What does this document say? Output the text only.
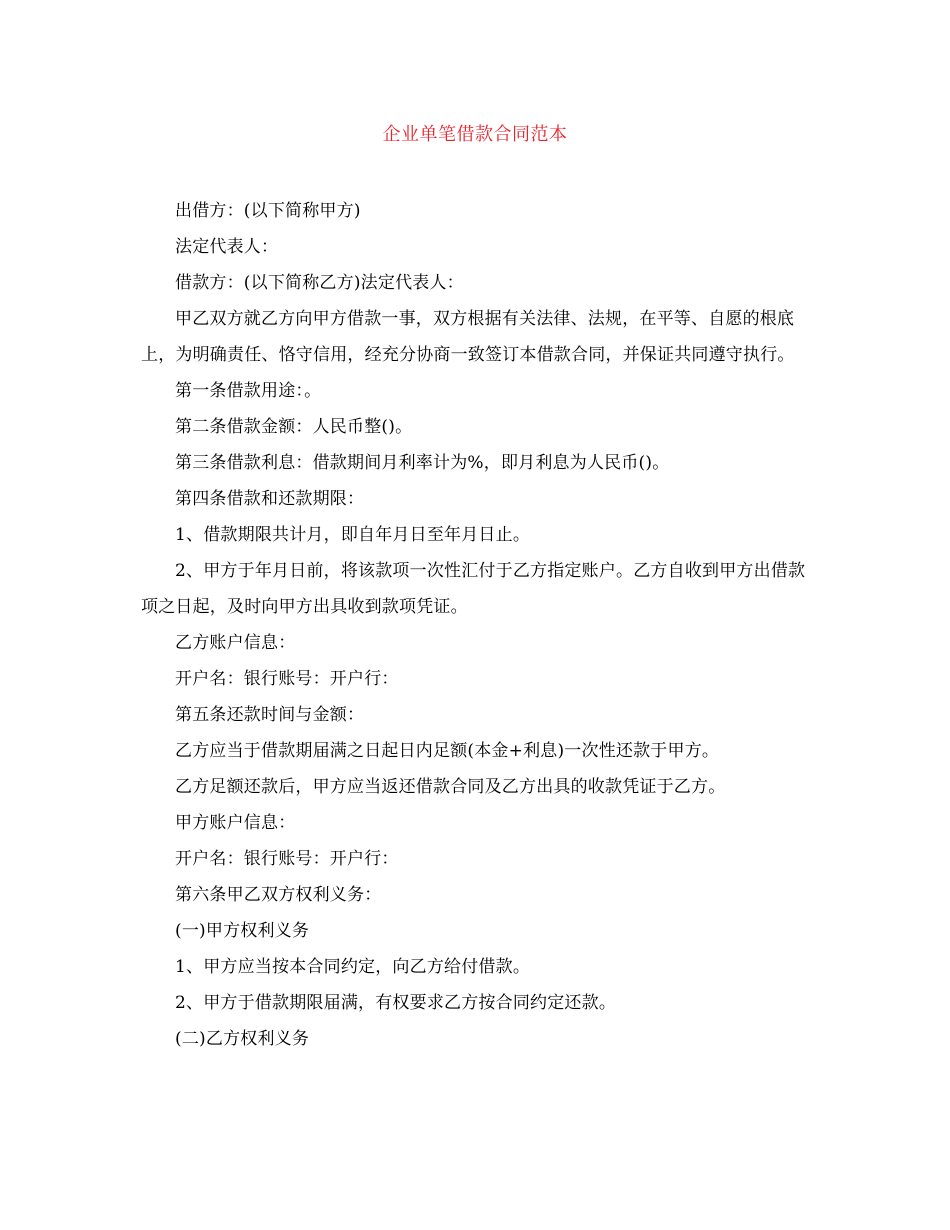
企业单笔借款合同范本

出借方：(以下简称甲方)

法定代表人：

借款方：(以下简称乙方)法定代表人：

甲乙双方就乙方向甲方借款一事，双方根据有关法律、法规，在平等、自愿的根底上，为明确责任、恪守信用，经充分协商一致签订本借款合同，并保证共同遵守执行。

第一条借款用途：。

第二条借款金额：人民币整()。

第三条借款利息：借款期间月利率计为%，即月利息为人民币()。

第四条借款和还款期限：

1、借款期限共计月，即自年月日至年月日止。

2、甲方于年月日前，将该款项一次性汇付于乙方指定账户。乙方自收到甲方出借款项之日起，及时向甲方出具收到款项凭证。

乙方账户信息：

开户名：银行账号：开户行：

第五条还款时间与金额：

乙方应当于借款期届满之日起日内足额(本金+利息)一次性还款于甲方。

乙方足额还款后，甲方应当返还借款合同及乙方出具的收款凭证于乙方。

甲方账户信息：

开户名：银行账号：开户行：

第六条甲乙双方权利义务：

(一)甲方权利义务

1、甲方应当按本合同约定，向乙方给付借款。

2、甲方于借款期限届满，有权要求乙方按合同约定还款。

(二)乙方权利义务
